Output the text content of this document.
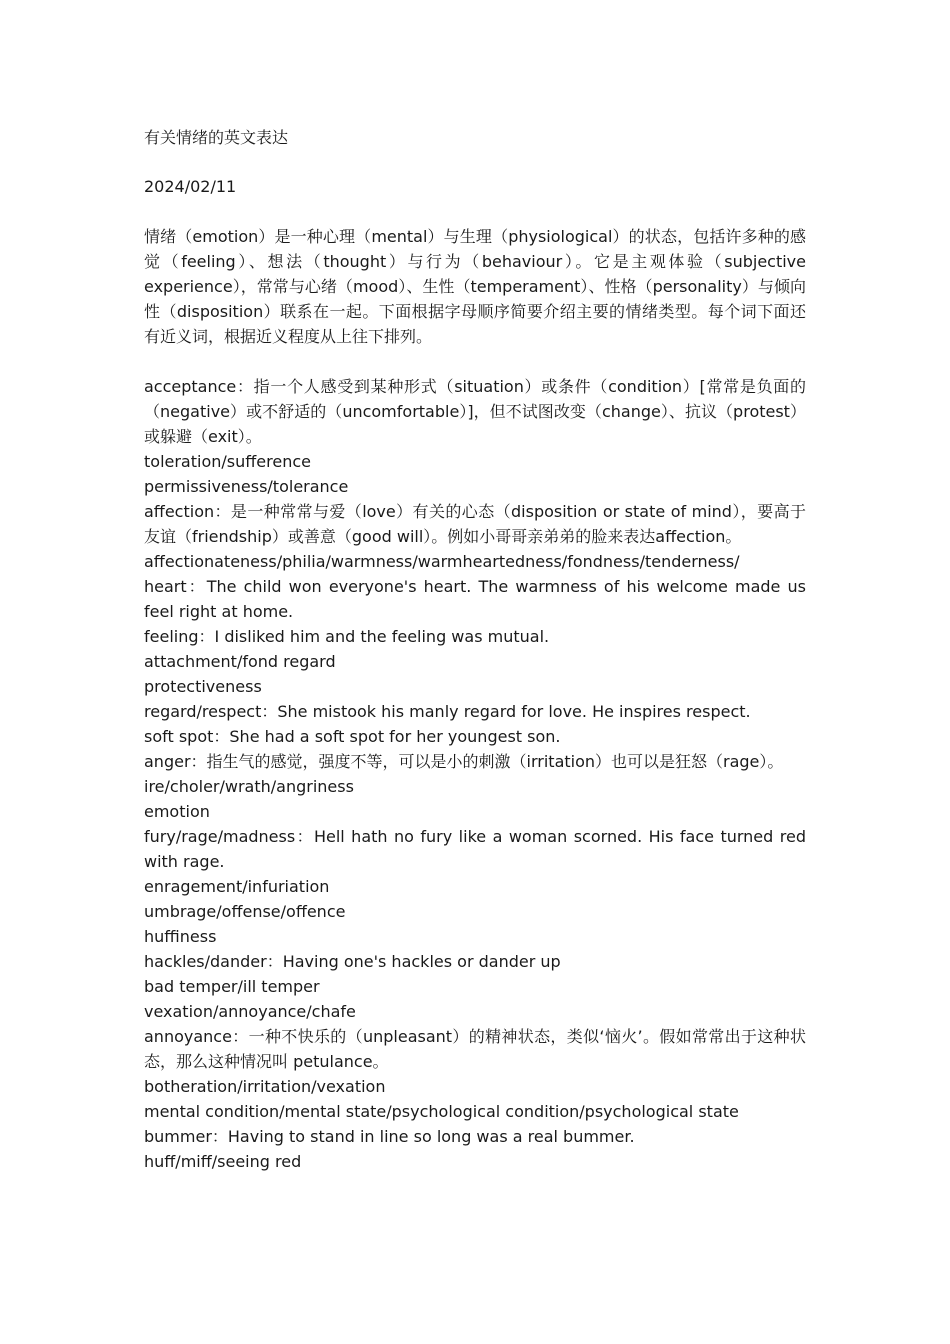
有关情绪的英文表达

2024/02/11

情绪（emotion）是一种心理（mental）与生理（physiological）的状态，包括许多种的感觉（feeling）、想法（thought）与行为（behaviour）。它是主观体验（subjective experience），常常与心绪（mood）、生性（temperament）、性格（personality）与倾向性（disposition）联系在一起。下面根据字母顺序简要介绍主要的情绪类型。每个词下面还有近义词，根据近义程度从上往下排列。

acceptance：指一个人感受到某种形式（situation）或条件（condition）[常常是负面的（negative）或不舒适的（uncomfortable）]，但不试图改变（change）、抗议（protest）或躲避（exit）。

toleration/sufference

permissiveness/tolerance

affection：是一种常常与爱（love）有关的心态（disposition or state of mind），要高于友谊（friendship）或善意（good will）。例如小哥哥亲弟弟的脸来表达affection。

affectionateness/philia/warmness/warmheartedness/fondness/tenderness/

heart：The child won everyone's heart. The warmness of his welcome made us feel right at home.

feeling：I disliked him and the feeling was mutual.

attachment/fond regard

protectiveness

regard/respect：She mistook his manly regard for love. He inspires respect.

soft spot：She had a soft spot for her youngest son.

anger：指生气的感觉，强度不等，可以是小的刺激（irritation）也可以是狂怒（rage）。

ire/choler/wrath/angriness

emotion

fury/rage/madness：Hell hath no fury like a woman scorned. His face turned red with rage.

enragement/infuriation

umbrage/offense/offence

huffiness

hackles/dander：Having one's hackles or dander up

bad temper/ill temper

vexation/annoyance/chafe

annoyance：一种不快乐的（unpleasant）的精神状态，类似‘恼火’。假如常常出于这种状态，那么这种情况叫 petulance。

botheration/irritation/vexation

mental condition/mental state/psychological condition/psychological state

bummer：Having to stand in line so long was a real bummer.

huff/miff/seeing red
